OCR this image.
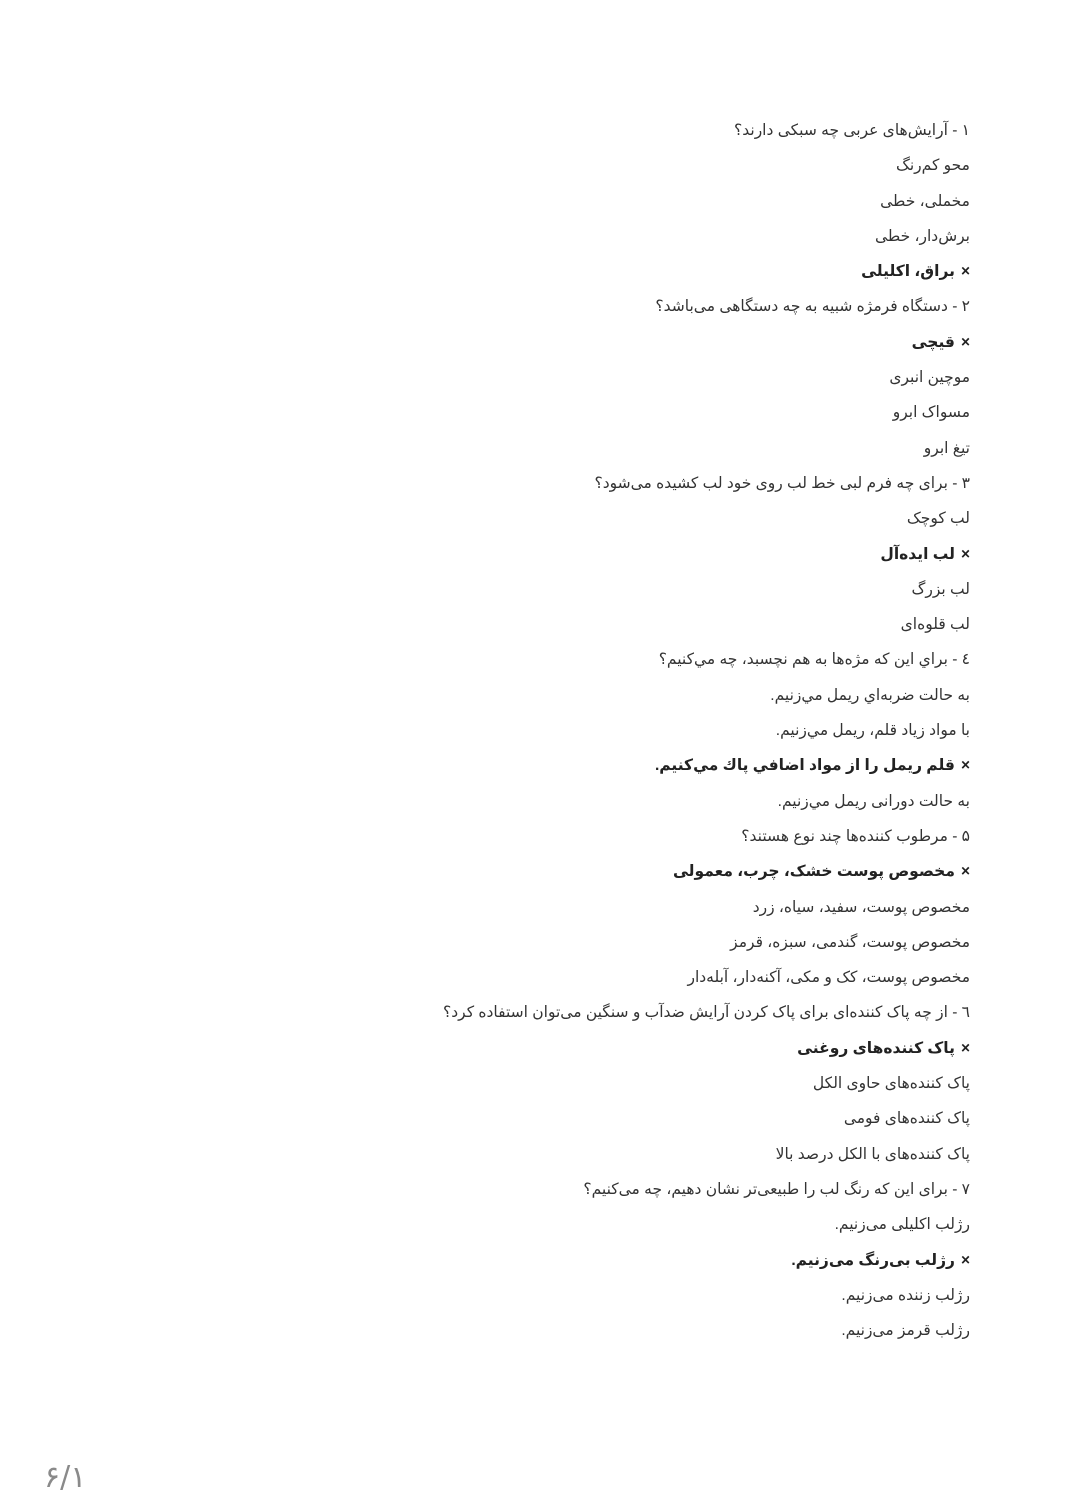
۱ - آرایش‌های عربی چه سبکی دارند؟
محو کم‌رنگ
مخملی، خطی
برش‌دار، خطی
×براق، اکلیلی
۲ - دستگاه فرمژه شبیه به چه دستگاهی می‌باشد؟
×قیچی
موچین انبری
مسواک ابرو
تیغ ابرو
۳ - برای چه فرم لبی خط لب روی خود لب کشیده می‌شود؟
لب کوچک
×لب ایده‌آل
لب بزرگ
لب قلوه‌ای
٤ - براي اين كه مژه‌ها به هم نچسبد، چه مي‌كنيم؟
به حالت ضربه‌اي ريمل مي‌زنيم.
با مواد زياد قلم، ريمل مي‌زنيم.
×قلم ريمل را از مواد اضافي پاك مي‌كنيم.
به حالت دورانی ريمل مي‌زنيم.
۵ - مرطوب کننده‌ها چند نوع هستند؟
×مخصوص پوست خشک، چرب، معمولی
مخصوص پوست، سفید، سیاه، زرد
مخصوص پوست، گندمی، سبزه، قرمز
مخصوص پوست، کک و مکی، آکنه‌دار، آبله‌دار
٦ - از چه پاک کننده‌ای برای پاک کردن آرایش ضدآب و سنگین می‌توان استفاده کرد؟
×پاک کننده‌های روغنی
پاک کننده‌های حاوی الکل
پاک کننده‌های فومی
پاک کننده‌های با الکل درصد بالا
۷ - برای این که رنگ لب را طبیعی‌تر نشان دهیم، چه می‌کنیم؟
رژلب اکلیلی می‌زنیم.
×رژلب بی‌رنگ می‌زنیم.
رژلب زننده می‌زنیم.
رژلب قرمز می‌زنیم.
۶/۱
